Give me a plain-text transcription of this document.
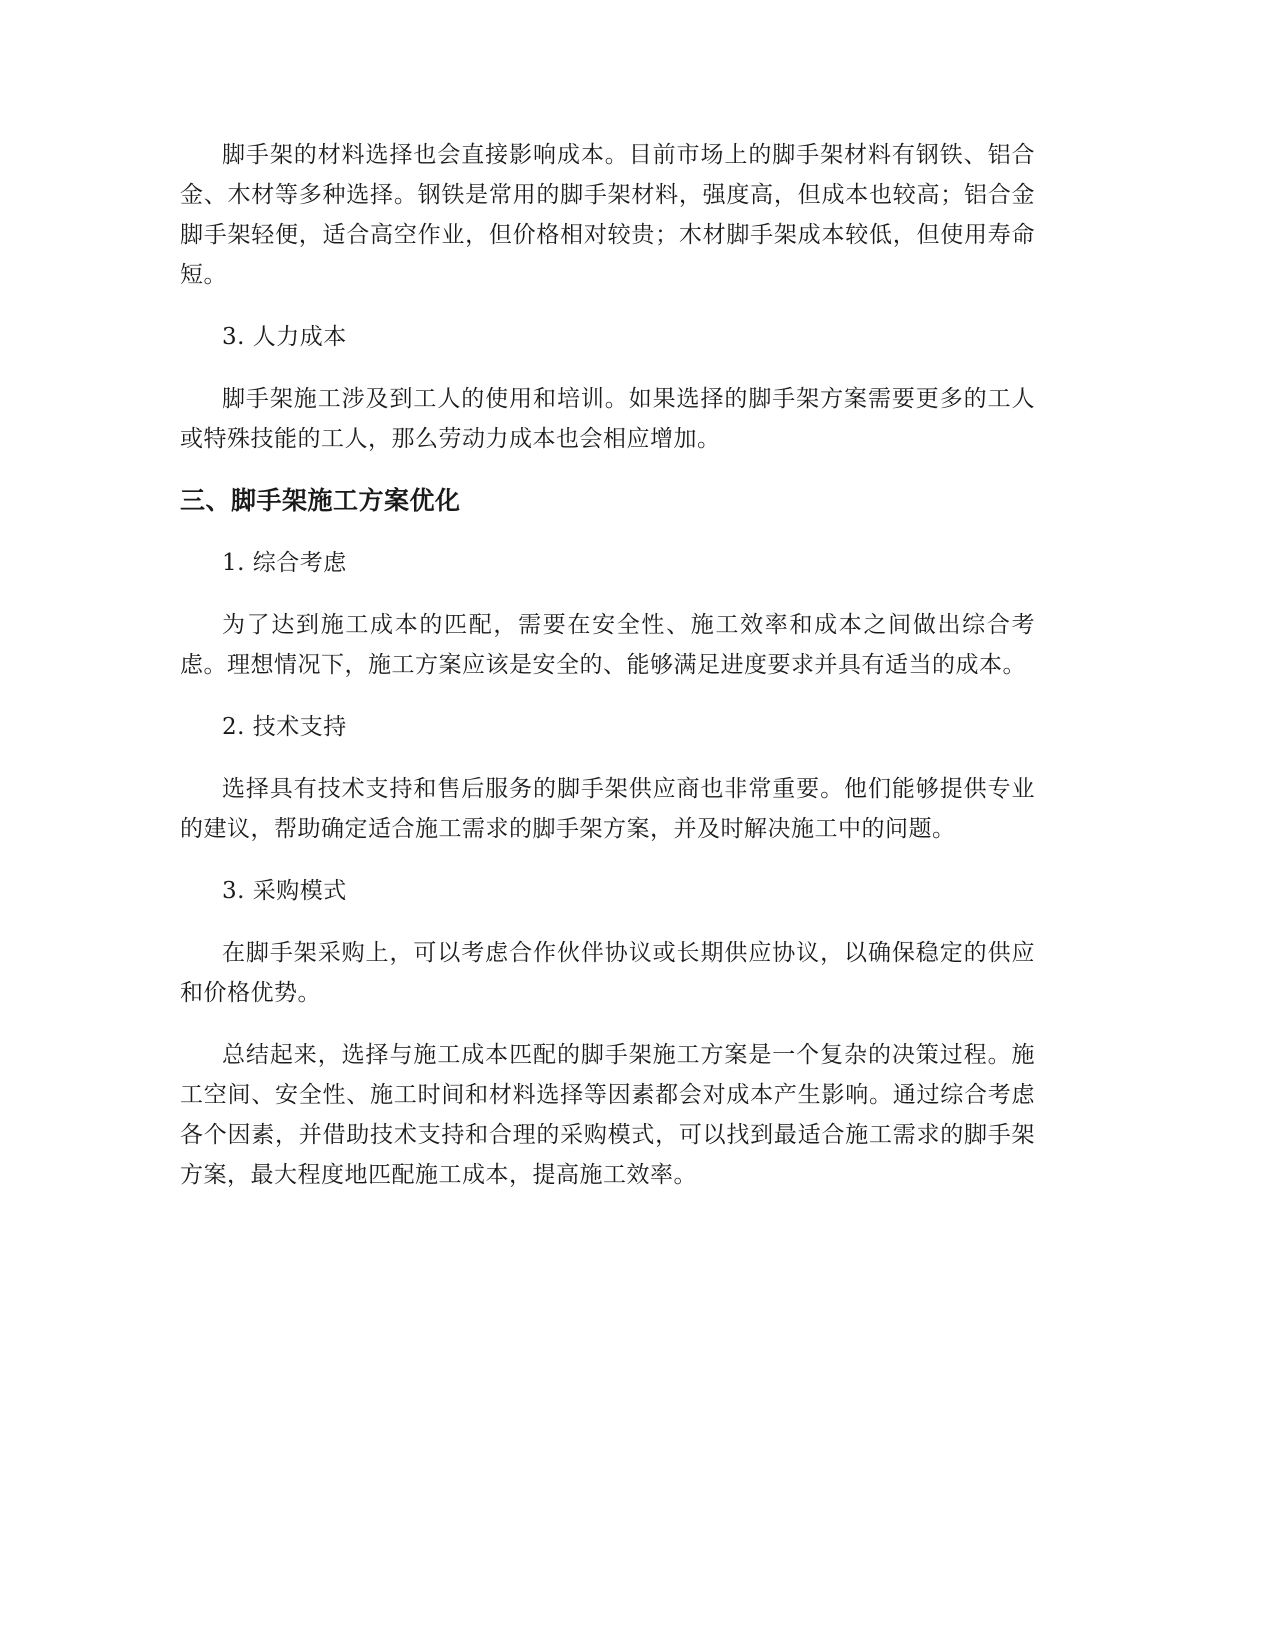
脚手架的材料选择也会直接影响成本。目前市场上的脚手架材料有钢铁、铝合金、木材等多种选择。钢铁是常用的脚手架材料，强度高，但成本也较高；铝合金脚手架轻便，适合高空作业，但价格相对较贵；木材脚手架成本较低，但使用寿命短。

3. 人力成本

脚手架施工涉及到工人的使用和培训。如果选择的脚手架方案需要更多的工人或特殊技能的工人，那么劳动力成本也会相应增加。

三、脚手架施工方案优化

1. 综合考虑

为了达到施工成本的匹配，需要在安全性、施工效率和成本之间做出综合考虑。理想情况下，施工方案应该是安全的、能够满足进度要求并具有适当的成本。

2. 技术支持

选择具有技术支持和售后服务的脚手架供应商也非常重要。他们能够提供专业的建议，帮助确定适合施工需求的脚手架方案，并及时解决施工中的问题。

3. 采购模式

在脚手架采购上，可以考虑合作伙伴协议或长期供应协议，以确保稳定的供应和价格优势。

总结起来，选择与施工成本匹配的脚手架施工方案是一个复杂的决策过程。施工空间、安全性、施工时间和材料选择等因素都会对成本产生影响。通过综合考虑各个因素，并借助技术支持和合理的采购模式，可以找到最适合施工需求的脚手架方案，最大程度地匹配施工成本，提高施工效率。
